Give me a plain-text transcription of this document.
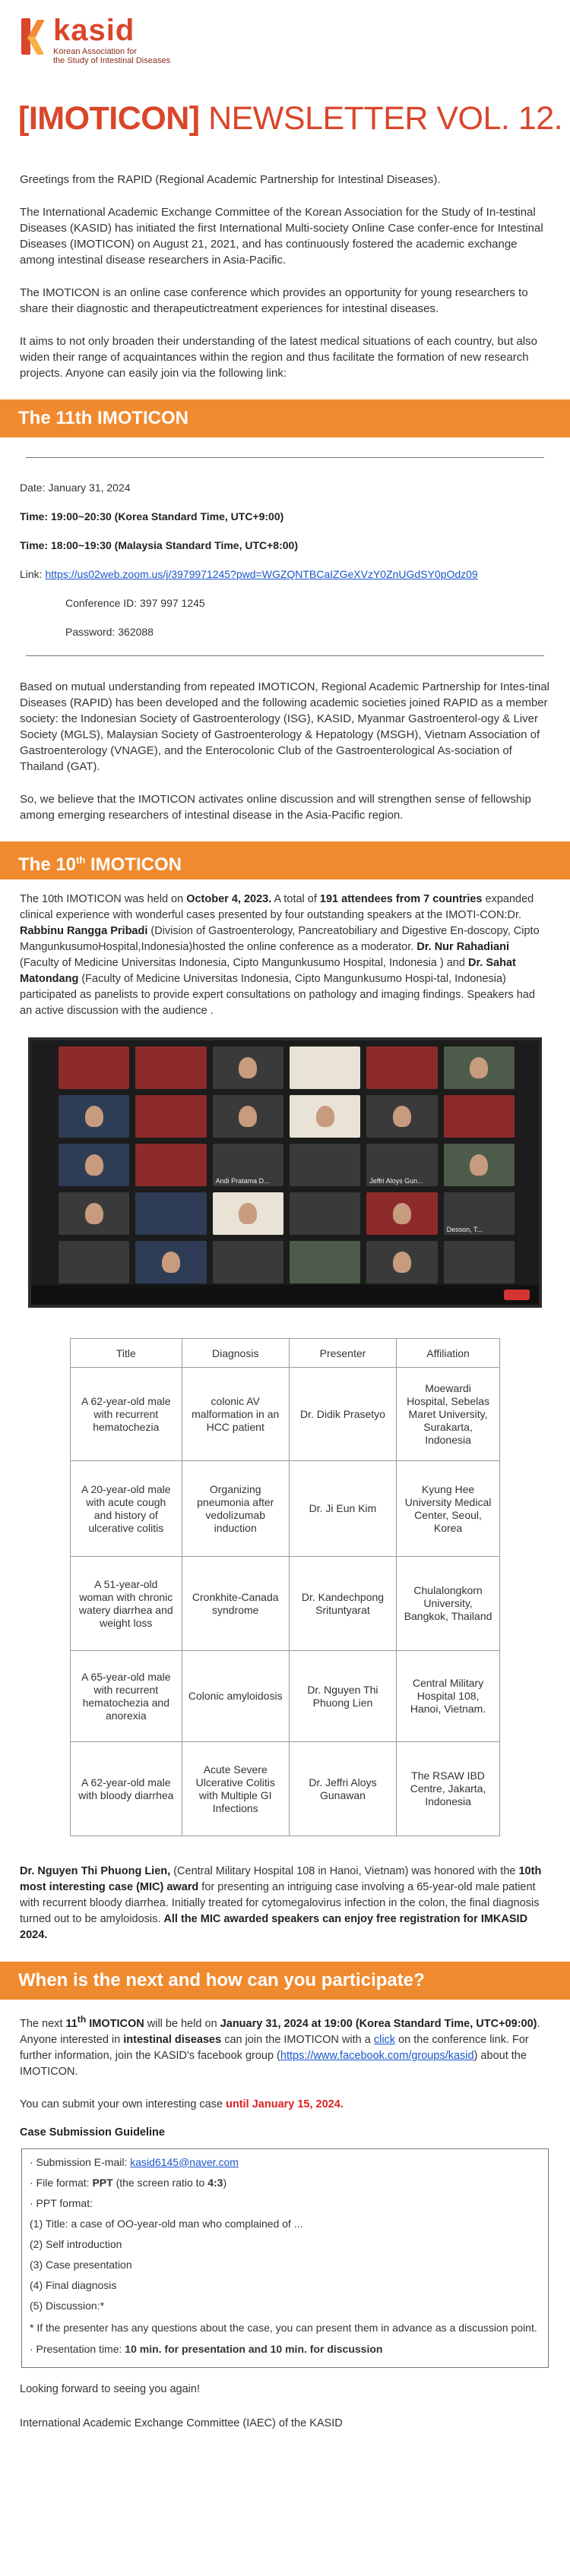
kasid
Korean Association for
the Study of Intestinal Diseases
[IMOTICON] NEWSLETTER VOL. 12.
Greetings from the RAPID (Regional Academic Partnership for Intestinal Diseases).
The International Academic Exchange Committee of the Korean Association for the Study of In-testinal Diseases (KASID) has initiated the first International Multi-society Online Case confer-ence for Intestinal Diseases (IMOTICON) on August 21, 2021, and has continuously fostered the academic exchange among intestinal disease researchers in Asia-Pacific.
The IMOTICON is an online case conference which provides an opportunity for young researchers to share their diagnostic and therapeutictreatment experiences for intestinal diseases.
It aims to not only broaden their understanding of the latest medical situations of each country, but also widen their range of acquaintances within the region and thus facilitate the formation of new research projects. Anyone can easily join via the following link:
The 11th IMOTICON
Date: January 31, 2024
Time: 19:00~20:30 (Korea Standard Time, UTC+9:00)
Time: 18:00~19:30 (Malaysia Standard Time, UTC+8:00)
Link: https://us02web.zoom.us/j/3979971245?pwd=WGZQNTBCaIZGeXVzY0ZnUGdSY0pOdz09
Conference ID: 397 997 1245
Password: 362088
Based on mutual understanding from repeated IMOTICON, Regional Academic Partnership for Intes-tinal Diseases (RAPID) has been developed and the following academic societies joined RAPID as a member society: the Indonesian Society of Gastroenterology (ISG), KASID, Myanmar Gastroenterol-ogy & Liver Society (MGLS), Malaysian Society of Gastroenterology & Hepatology (MSGH), Vietnam Association of Gastroenterology (VNAGE), and the Enterocolonic Club of the Gastroenterological As-sociation of Thailand (GAT).
So, we believe that the IMOTICON activates online discussion and will strengthen sense of fellowship among emerging researchers of intestinal disease in the Asia-Pacific region.
The 10th IMOTICON
The 10th IMOTICON was held on October 4, 2023. A total of 191 attendees from 7 countries expanded clinical experience with wonderful cases presented by four outstanding speakers at the IMOTI-CON:Dr. Rabbinu Rangga Pribadi (Division of Gastroenterology, Pancreatobiliary and Digestive En-doscopy, Cipto MangunkusumoHospital,Indonesia)hosted the online conference as a moderator. Dr. Nur Rahadiani (Faculty of Medicine Universitas Indonesia, Cipto Mangunkusumo Hospital, Indonesia ) and Dr. Sahat Matondang (Faculty of Medicine Universitas Indonesia, Cipto Mangunkusumo Hospi-tal, Indonesia) participated as panelists to provide expert consultations on pathology and imaging findings. Speakers had an active discussion with the audience .
Andi Pratama D...	Jeffri Aloys Gun...
Desson, T...
Title	Diagnosis	Presenter	Affiliation
A 62-year-old male with recurrent hematochezia	colonic AV malformation in an HCC patient	Dr. Didik Prasetyo	Moewardi Hospital, Sebelas Maret University, Surakarta, Indonesia
A 20-year-old male with acute cough and history of ulcerative colitis	Organizing pneumonia after vedolizumab induction	Dr. Ji Eun Kim	Kyung Hee University Medical Center, Seoul, Korea
A 51-year-old woman with chronic watery diarrhea and weight loss	Cronkhite-Canada syndrome	Dr. Kandechpong Srituntyarat	Chulalongkorn University, Bangkok, Thailand
A 65-year-old male with recurrent hematochezia and anorexia	Colonic amyloidosis	Dr. Nguyen Thi Phuong Lien	Central Military Hospital 108, Hanoi, Vietnam.
A 62-year-old male with bloody diarrhea	Acute Severe Ulcerative Colitis with Multiple GI Infections	Dr. Jeffri Aloys Gunawan	The RSAW IBD Centre, Jakarta, Indonesia
Dr. Nguyen Thi Phuong Lien, (Central Military Hospital 108 in Hanoi, Vietnam) was honored with the 10th most interesting case (MIC) award for presenting an intriguing case involving a 65-year-old male patient with recurrent bloody diarrhea. Initially treated for cytomegalovirus infection in the colon, the final diagnosis turned out to be amyloidosis. All the MIC awarded speakers can enjoy free registration for IMKASID 2024.
When is the next and how can you participate?
The next 11th IMOTICON will be held on January 31, 2024 at 19:00 (Korea Standard Time, UTC+09:00). Anyone interested in intestinal diseases can join the IMOTICON with a click on the conference link. For further information, join the KASID's facebook group (https://www.facebook.com/groups/kasid) about the IMOTICON.
You can submit your own interesting case until January 15, 2024.
Case Submission Guideline
· Submission E-mail: kasid6145@naver.com
· File format: PPT (the screen ratio to 4:3)
· PPT format:
(1) Title: a case of OO-year-old man who complained of ...
(2) Self introduction
(3) Case presentation
(4) Final diagnosis
(5) Discussion:*
* If the presenter has any questions about the case, you can present them in advance as a discussion point.
· Presentation time: 10 min. for presentation and 10 min. for discussion
Looking forward to seeing you again!
International Academic Exchange Committee (IAEC) of the KASID
